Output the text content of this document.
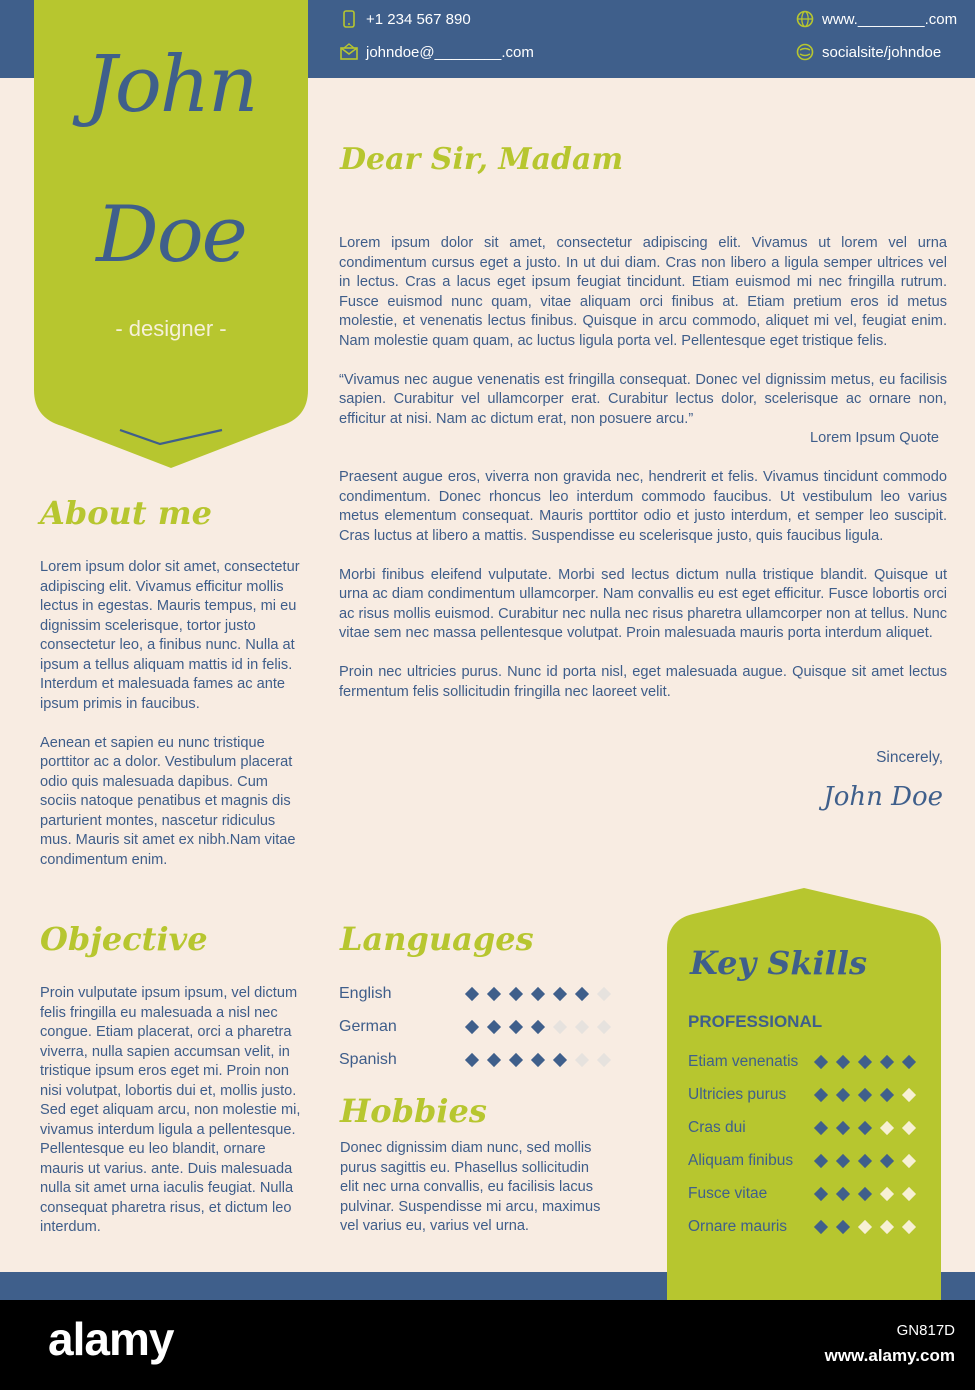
+1 234 567 890
johndoe@________.com
www.________.com
socialsite/johndoe
John
Doe
- designer -
About me

Lorem ipsum dolor sit amet, consectetur adipiscing elit. Vivamus efficitur mollis lectus in egestas. Mauris tempus, mi eu dignissim scelerisque, tortor justo consectetur leo, a finibus nunc. Nulla at ipsum a tellus aliquam mattis id in felis. Interdum et malesuada fames ac ante ipsum primis in faucibus.

Aenean et sapien eu nunc tristique porttitor ac a dolor. Vestibulum placerat odio quis malesuada dapibus. Cum sociis natoque penatibus et magnis dis parturient montes, nascetur ridiculus mus. Mauris sit amet ex nibh.Nam vitae condimentum enim.

Dear Sir, Madam

Lorem ipsum dolor sit amet, consectetur adipiscing elit. Vivamus ut lorem vel urna condimentum cursus eget a justo. In ut dui diam. Cras non libero a ligula semper ultrices vel in lectus. Cras a lacus eget ipsum feugiat tincidunt. Etiam euismod mi nec fringilla rutrum. Fusce euismod nunc quam, vitae aliquam orci finibus at. Etiam pretium eros id metus molestie, et venenatis lectus finibus. Quisque in arcu commodo, aliquet mi vel, feugiat enim. Nam molestie quam quam, ac luctus ligula porta vel. Pellentesque eget tristique felis.

“Vivamus nec augue venenatis est fringilla consequat. Donec vel dignissim metus, eu facilisis sapien. Curabitur vel ullamcorper erat. Curabitur lectus dolor, scelerisque ac ornare non, efficitur at nisi. Nam ac dictum erat, non posuere arcu.”

Lorem Ipsum Quote

Praesent augue eros, viverra non gravida nec, hendrerit et felis. Vivamus tincidunt commodo condimentum. Donec rhoncus leo interdum commodo faucibus. Ut vestibulum leo varius metus elementum consequat. Mauris porttitor odio et justo interdum, et semper leo suscipit. Cras luctus at libero a mattis. Suspendisse eu scelerisque justo, quis faucibus ligula.

Morbi finibus eleifend vulputate. Morbi sed lectus dictum nulla tristique blandit. Quisque ut urna ac diam condimentum ullamcorper. Nam convallis eu est eget efficitur. Fusce lobortis orci ac risus mollis euismod. Curabitur nec nulla nec risus pharetra ullamcorper non at tellus. Nunc vitae sem nec massa pellentesque volutpat. Proin malesuada mauris porta interdum aliquet.

Proin nec ultricies purus. Nunc id porta nisl, eget malesuada augue. Quisque sit amet lectus fermentum felis sollicitudin fringilla nec laoreet velit.

Sincerely,
John Doe
Objective
Proin vulputate ipsum ipsum, vel dictum felis fringilla eu malesuada a nisl nec congue. Etiam placerat, orci a pharetra viverra, nulla sapien accumsan velit, in tristique ipsum eros eget mi. Proin non nisi volutpat, lobortis dui et, mollis justo. Sed eget aliquam arcu, non molestie mi, vivamus interdum ligula a pellentesque. Pellentesque eu leo blandit, ornare mauris ut varius. ante. Duis malesuada nulla sit amet urna iaculis feugiat. Nulla consequat pharetra risus, et dictum leo interdum.
Languages
English
German
Spanish
Hobbies
Donec dignissim diam nunc, sed mollis purus sagittis eu. Phasellus sollicitudin elit nec urna convallis, eu facilisis lacus pulvinar. Suspendisse mi arcu, maximus vel varius eu, varius vel urna.
Key Skills
PROFESSIONAL
Etiam venenatis
Ultricies purus
Cras dui
Aliquam finibus
Fusce vitae
Ornare mauris
alamy	GN817D
www.alamy.com
